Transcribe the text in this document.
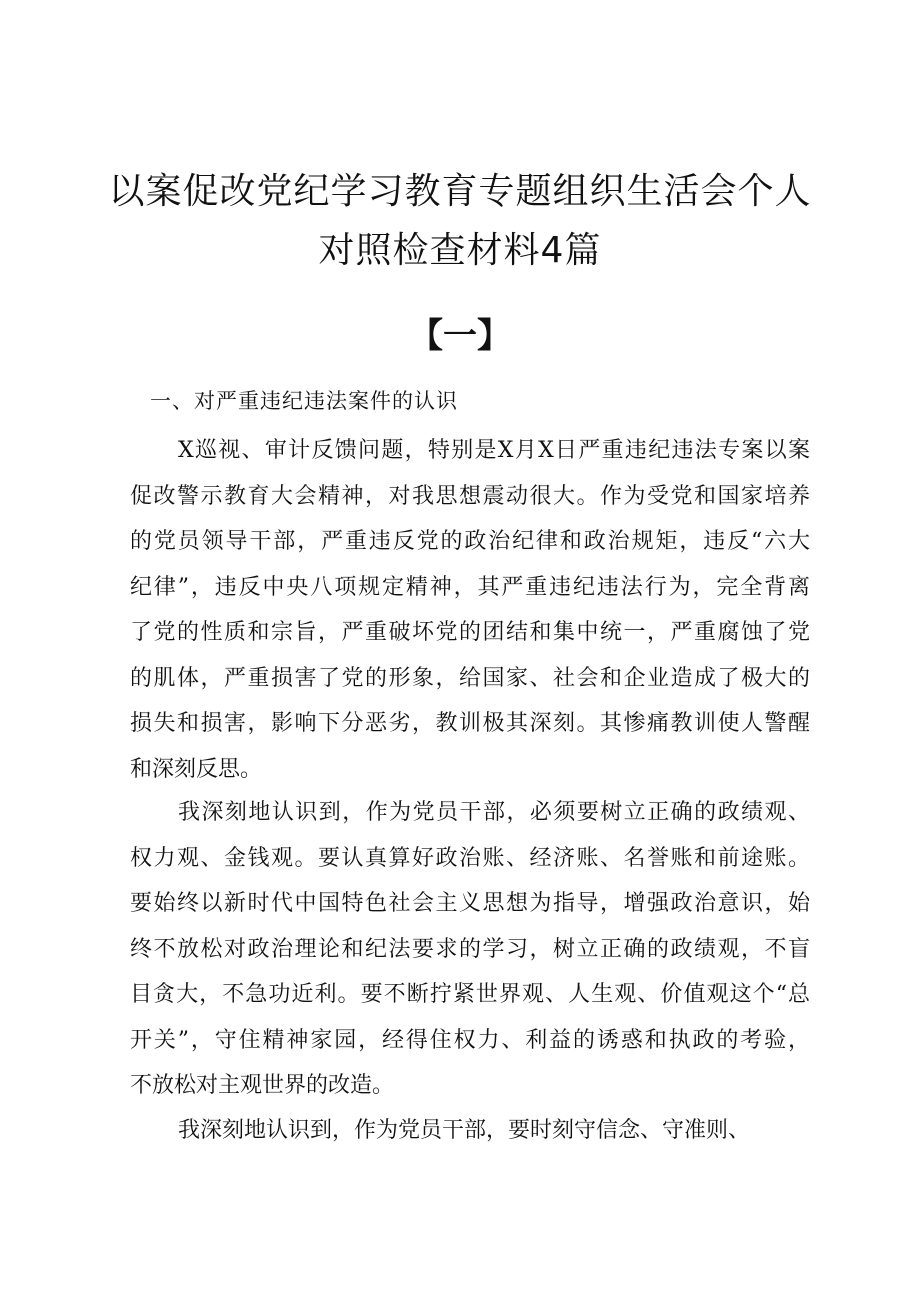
以案促改党纪学习教育专题组织生活会个人
对照检查材料4篇
【一】
一、对严重违纪违法案件的认识
X巡视、审计反馈问题，特别是X月X日严重违纪违法专案以案
促改警示教育大会精神，对我思想震动很大。作为受党和国家培养
的党员领导干部，严重违反党的政治纪律和政治规矩，违反“六大
纪律”，违反中央八项规定精神，其严重违纪违法行为，完全背离
了党的性质和宗旨，严重破坏党的团结和集中统一，严重腐蚀了党
的肌体，严重损害了党的形象，给国家、社会和企业造成了极大的
损失和损害，影响下分恶劣，教训极其深刻。其惨痛教训使人警醒
和深刻反思。
我深刻地认识到，作为党员干部，必须要树立正确的政绩观、
权力观、金钱观。要认真算好政治账、经济账、名誉账和前途账。
要始终以新时代中国特色社会主义思想为指导，增强政治意识，始
终不放松对政治理论和纪法要求的学习，树立正确的政绩观，不盲
目贪大，不急功近利。要不断拧紧世界观、人生观、价值观这个“总
开关”，守住精神家园，经得住权力、利益的诱惑和执政的考验，
不放松对主观世界的改造。
我深刻地认识到，作为党员干部，要时刻守信念、守准则、
